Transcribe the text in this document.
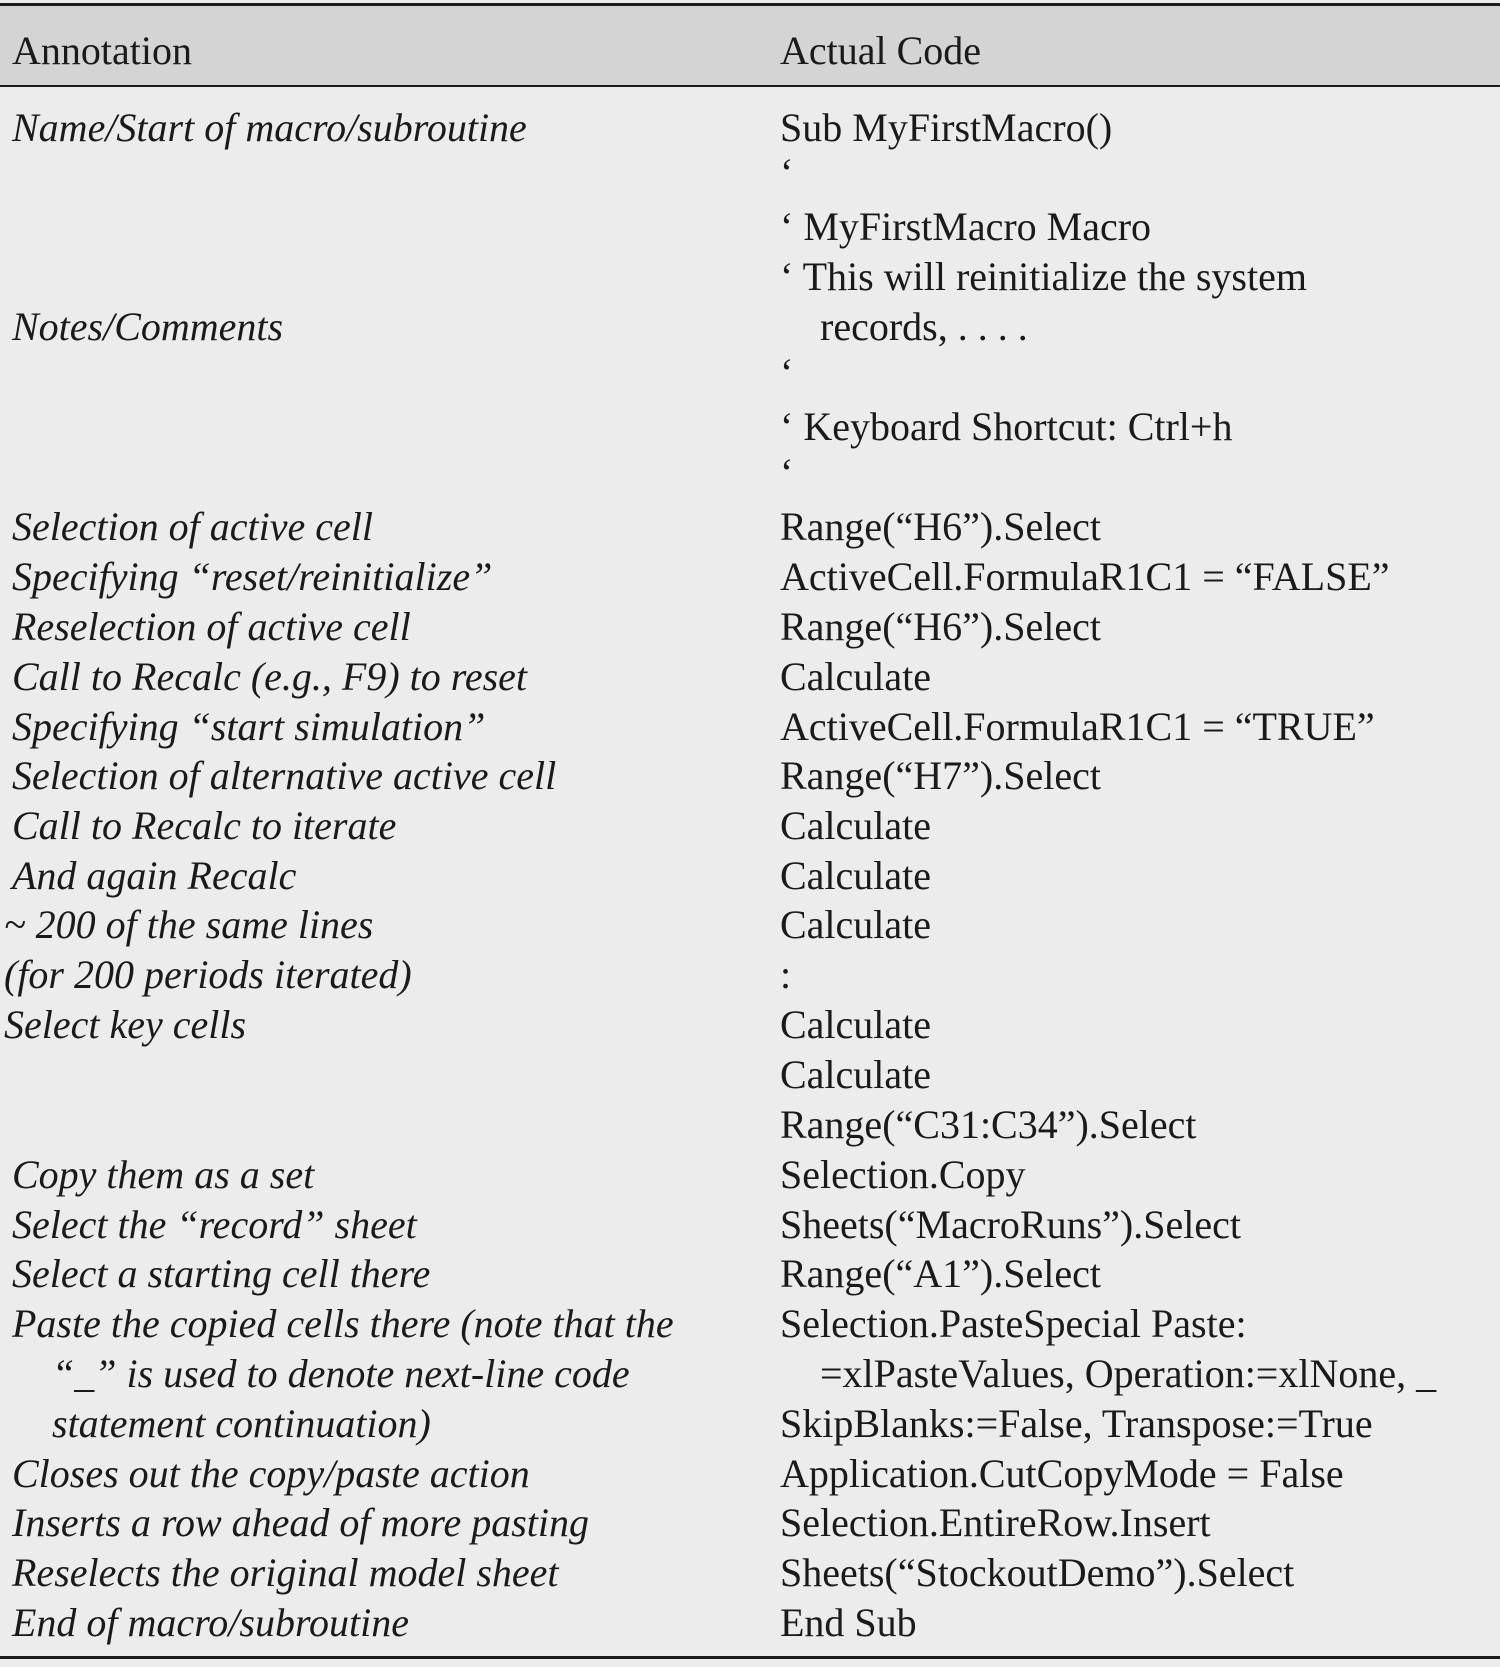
Annotation	Actual Code
Name/Start of macro/subroutine
Notes/Comments
Selection of active cell
Specifying “reset/reinitialize”
Reselection of active cell
Call to Recalc (e.g., F9) to reset
Specifying “start simulation”
Selection of alternative active cell
Call to Recalc to iterate
And again Recalc
~ 200 of the same lines
(for 200 periods iterated)
Select key cells
Copy them as a set
Select the “record” sheet
Select a starting cell there
Paste the copied cells there (note that the
“_” is used to denote next-line code
statement continuation)
Closes out the copy/paste action
Inserts a row ahead of more pasting
Reselects the original model sheet
End of macro/subroutine
Sub MyFirstMacro()
‘
‘ MyFirstMacro Macro
‘ This will reinitialize the system
records, . . . .
‘
‘ Keyboard Shortcut: Ctrl+h
‘
Range(“H6”).Select
ActiveCell.FormulaR1C1 = “FALSE”
Range(“H6”).Select
Calculate
ActiveCell.FormulaR1C1 = “TRUE”
Range(“H7”).Select
Calculate
Calculate
Calculate
:
Calculate
Calculate
Range(“C31:C34”).Select
Selection.Copy
Sheets(“MacroRuns”).Select
Range(“A1”).Select
Selection.PasteSpecial Paste:
=xlPasteValues, Operation:=xlNone, _
SkipBlanks:=False, Transpose:=True
Application.CutCopyMode = False
Selection.EntireRow.Insert
Sheets(“StockoutDemo”).Select
End Sub
